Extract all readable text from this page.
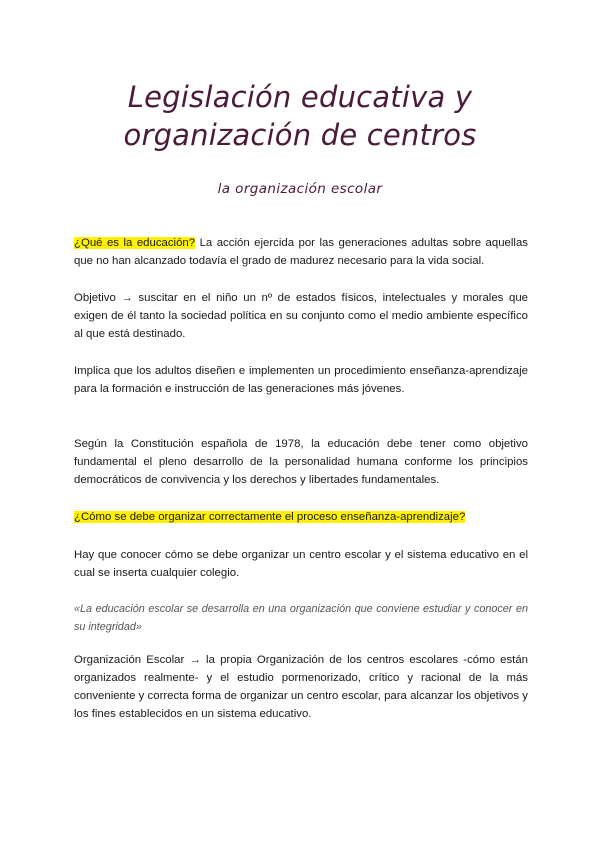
Legislación educativa y
organización de centros
la organización escolar

¿Qué es la educación? La acción ejercida por las generaciones adultas sobre aquellas que no han alcanzado todavía el grado de madurez necesario para la vida social.

Objetivo → suscitar en el niño un nº de estados físicos, intelectuales y morales que exigen de él tanto la sociedad política en su conjunto como el medio ambiente específico al que está destinado.

Implica que los adultos diseñen e implementen un procedimiento enseñanza-aprendizaje para la formación e instrucción de las generaciones más jóvenes.

Según la Constitución española de 1978, la educación debe tener como objetivo fundamental el pleno desarrollo de la personalidad humana conforme los principios democráticos de convivencia y los derechos y libertades fundamentales.

¿Cómo se debe organizar correctamente el proceso enseñanza-aprendizaje?

Hay que conocer cómo se debe organizar un centro escolar y el sistema educativo en el cual se inserta cualquier colegio.

«La educación escolar se desarrolla en una organización que conviene estudiar y conocer en su integridad»

Organización Escolar → la propia Organización de los centros escolares -cómo están organizados realmente- y el estudio pormenorizado, crítico y racional de la más conveniente y correcta forma de organizar un centro escolar, para alcanzar los objetivos y los fines establecidos en un sistema educativo.
